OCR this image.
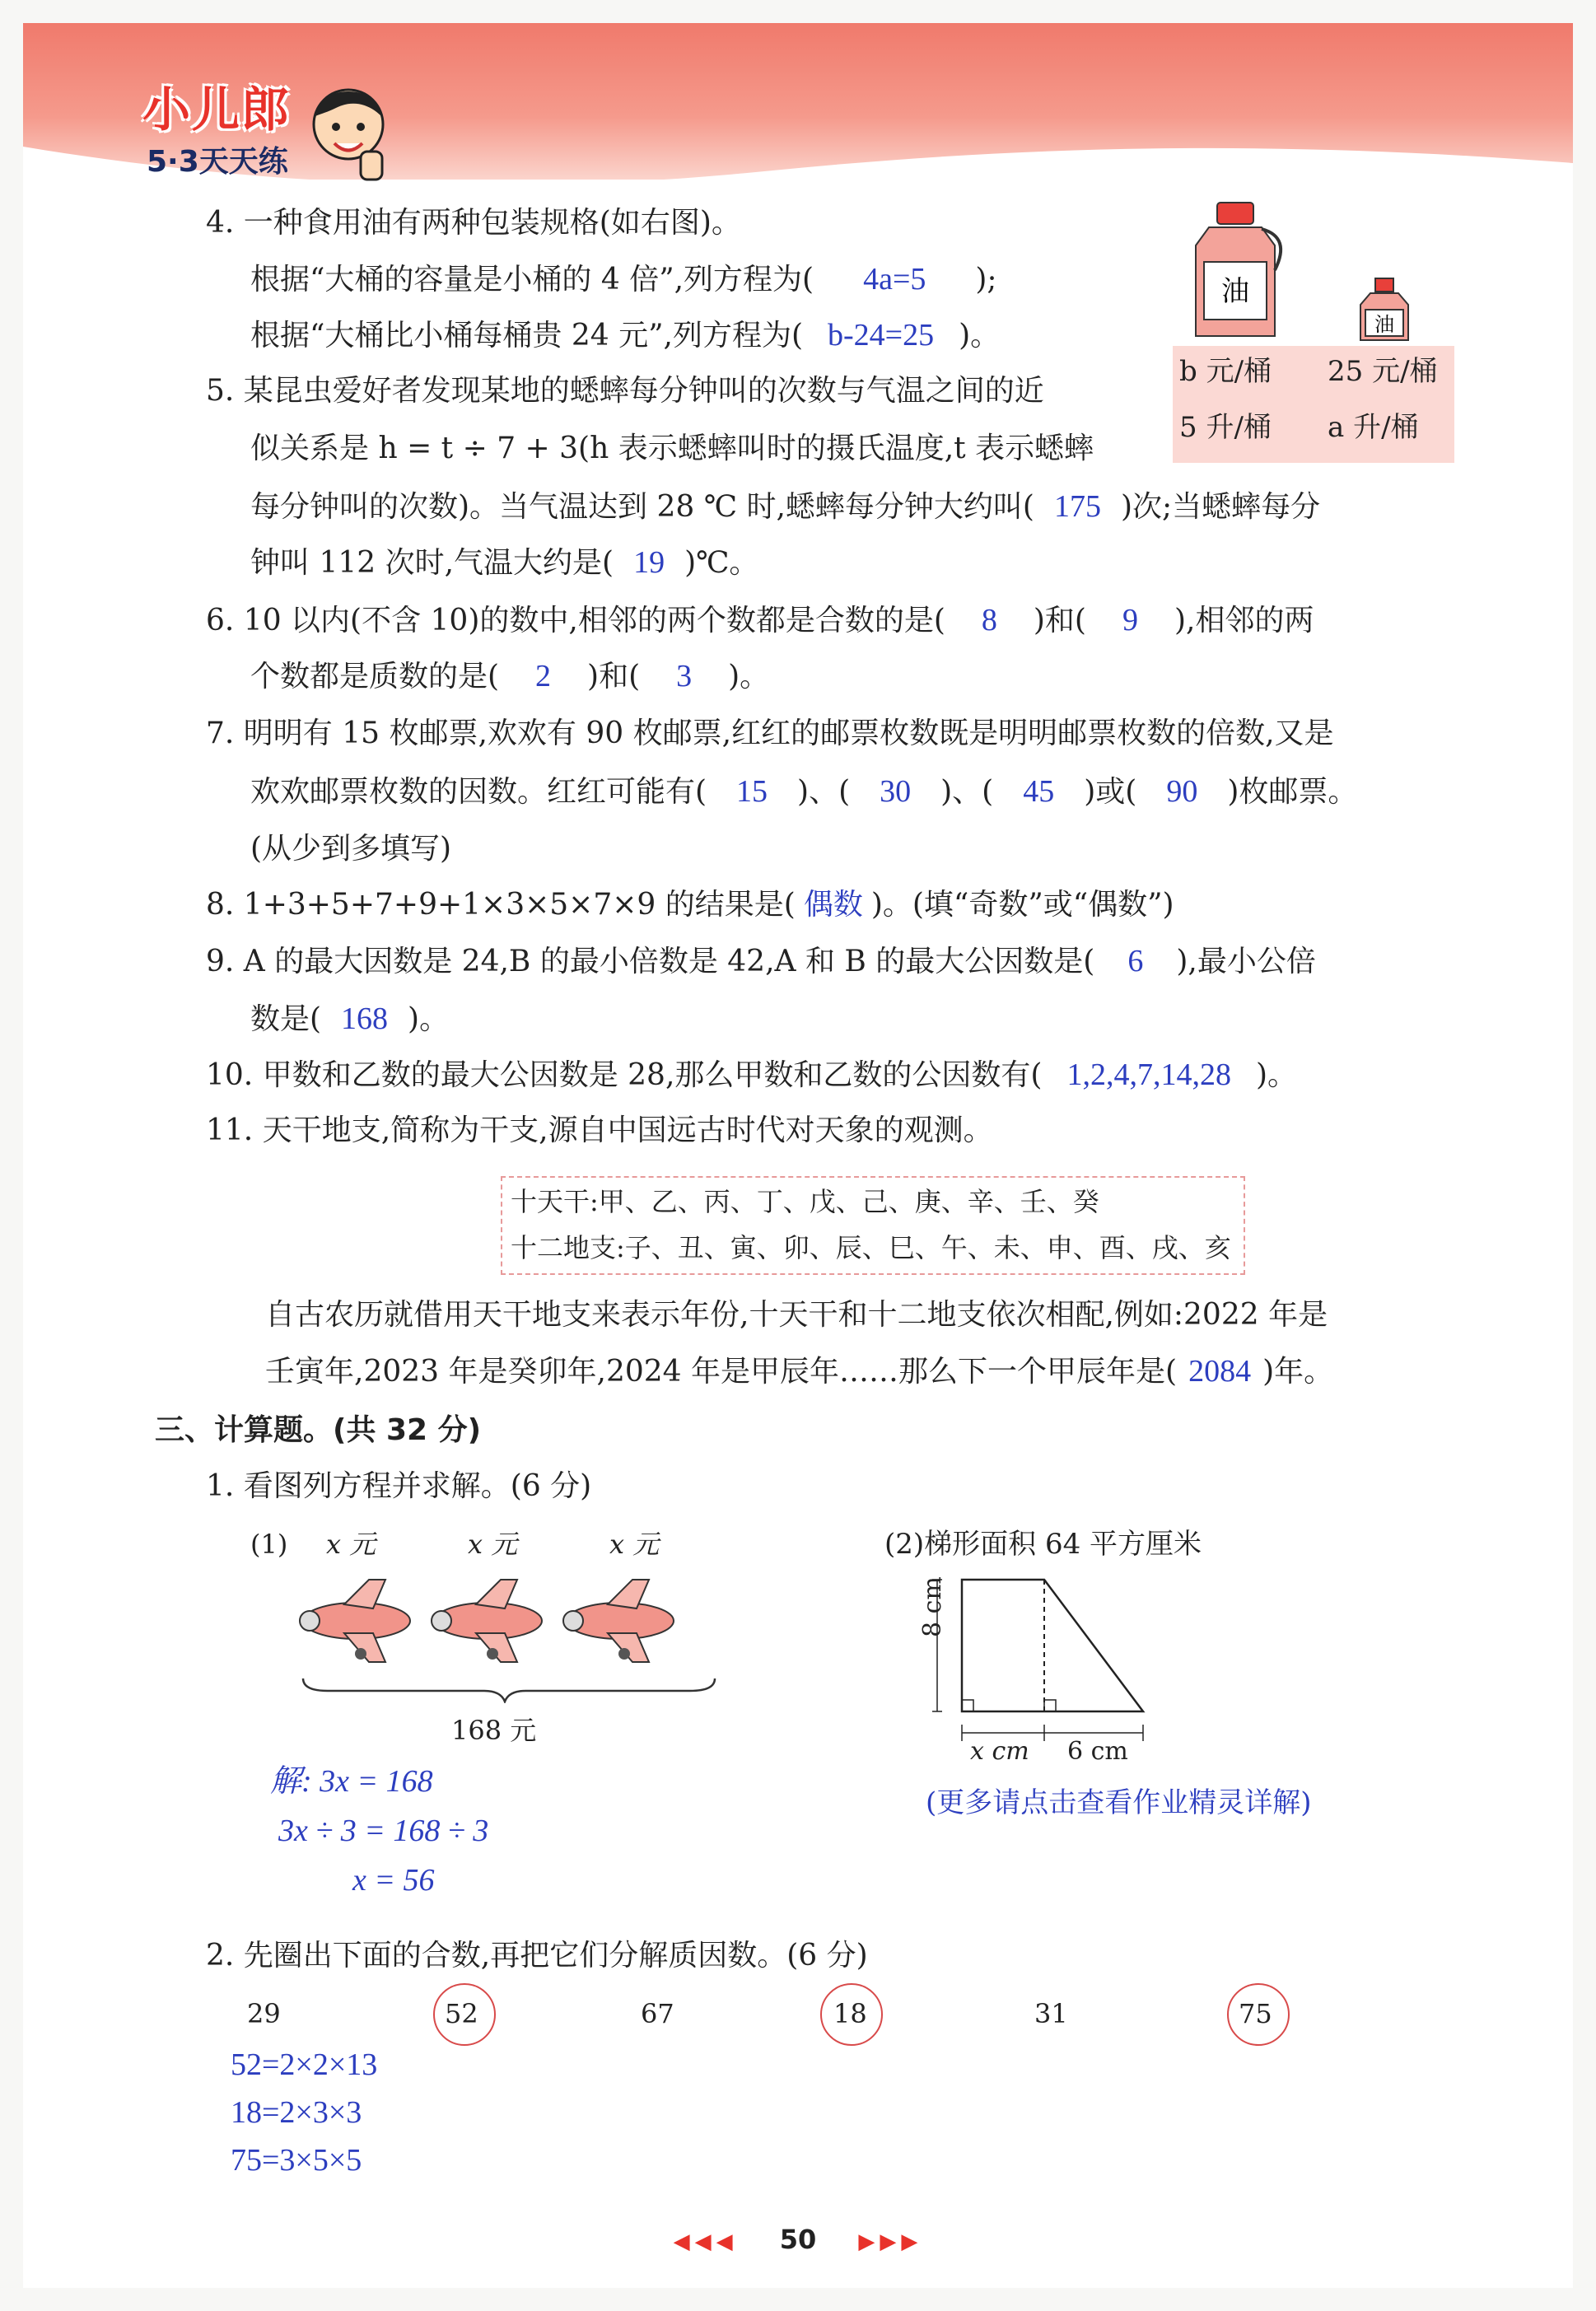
小儿郎
5·3天天练
4. 一种食用油有两种包装规格(如右图)。
根据“大桶的容量是小桶的 4 倍”,列方程为( 4a=5 );
根据“大桶比小桶每桶贵 24 元”,列方程为( b-24=25 )。
油
油
b 元/桶 25 元/桶
5 升/桶 a 升/桶
5. 某昆虫爱好者发现某地的蟋蟀每分钟叫的次数与气温之间的近
似关系是 h = t ÷ 7 + 3(h 表示蟋蟀叫时的摄氏温度,t 表示蟋蟀
每分钟叫的次数)。当气温达到 28 ℃ 时,蟋蟀每分钟大约叫( 175 )次;当蟋蟀每分
钟叫 112 次时,气温大约是( 19 )℃。
6. 10 以内(不含 10)的数中,相邻的两个数都是合数的是( 8 )和( 9 ),相邻的两
个数都是质数的是( 2 )和( 3 )。
7. 明明有 15 枚邮票,欢欢有 90 枚邮票,红红的邮票枚数既是明明邮票枚数的倍数,又是
欢欢邮票枚数的因数。红红可能有( 15 )、( 30 )、( 45 )或( 90 )枚邮票。
(从少到多填写)
8. 1+3+5+7+9+1×3×5×7×9 的结果是( 偶数 )。(填“奇数”或“偶数”)
9. A 的最大因数是 24,B 的最小倍数是 42,A 和 B 的最大公因数是( 6 ),最小公倍
数是( 168 )。
10. 甲数和乙数的最大公因数是 28,那么甲数和乙数的公因数有( 1,2,4,7,14,28 )。
11. 天干地支,简称为干支,源自中国远古时代对天象的观测。
十天干:甲、乙、丙、丁、戊、己、庚、辛、壬、癸
十二地支:子、丑、寅、卯、辰、巳、午、未、申、酉、戌、亥
自古农历就借用天干地支来表示年份,十天干和十二地支依次相配,例如:2022 年是
壬寅年,2023 年是癸卯年,2024 年是甲辰年……那么下一个甲辰年是( 2084 )年。
三、计算题。(共 32 分)
1. 看图列方程并求解。(6 分)
(1) x 元	x 元	x 元
168 元
解: 3x = 168
3x ÷ 3 = 168 ÷ 3
x = 56
(2)梯形面积 64 平方厘米
8 cm
x cm 6 cm
(更多请点击查看作业精灵详解)
2. 先圈出下面的合数,再把它们分解质因数。(6 分)
29	52	67	18	31	75
52=2×2×13
18=2×3×3
75=3×5×5
◀◀◀ 50 ▶▶▶
